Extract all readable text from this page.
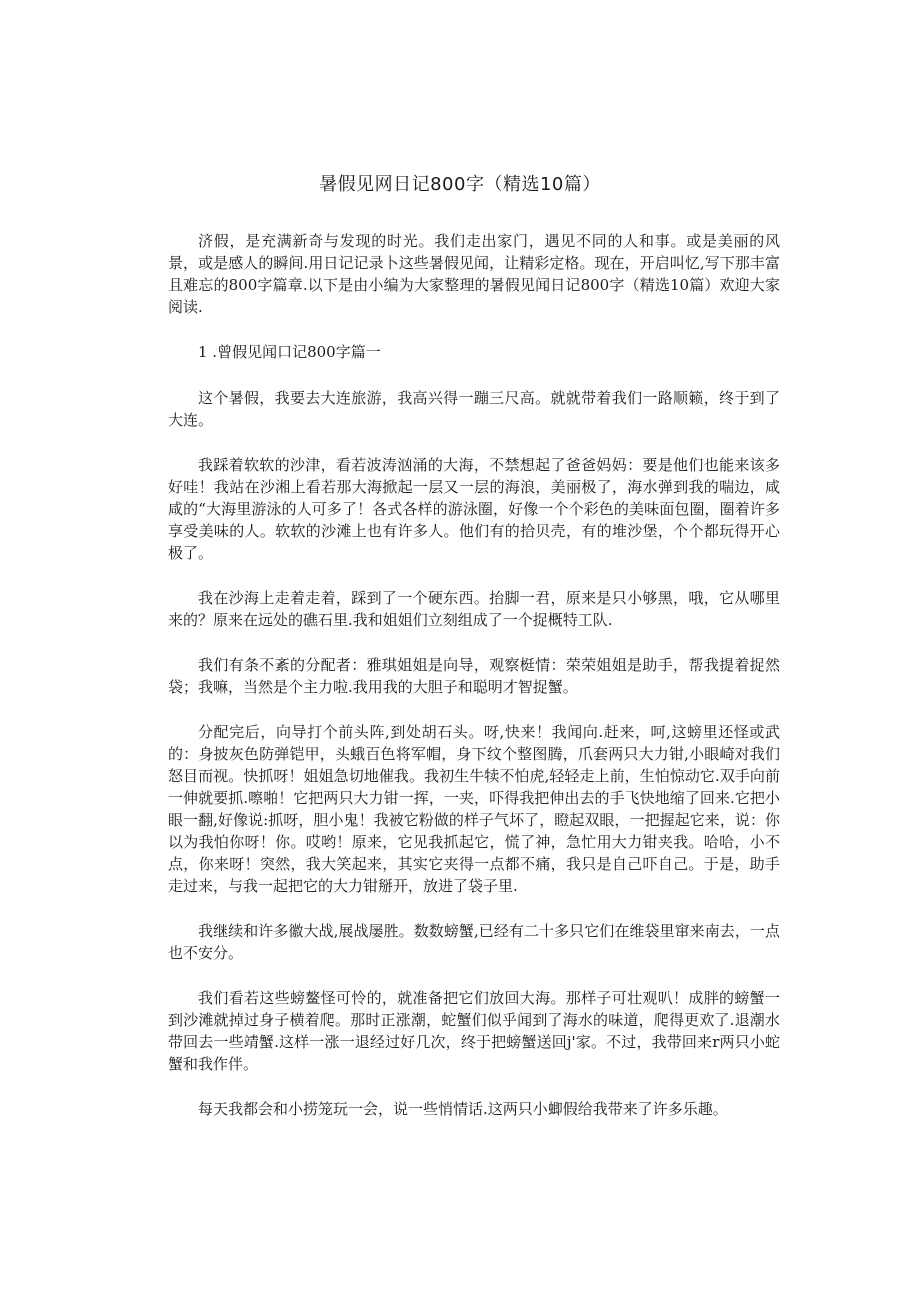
暑假见网日记800字（精选10篇）

济假，是充满新奇与发现的时光。我们走出家门，遇见不同的人和事。或是美丽的风景，或是感人的瞬间.用日记记录卜这些暑假见闻，让精彩定格。现在，开启叫忆,写下那丰富且难忘的800字篇章.以下是由小编为大家整理的暑假见闻日记800字（精选10篇）欢迎大家阅读.

1 .曾假见闻口记800字篇一

这个暑假，我要去大连旅游，我高兴得一蹦三尺高。就就带着我们一路顺籁，终于到了大连。

我踩着软软的沙津，看若波涛汹涌的大海，不禁想起了爸爸妈妈：要是他们也能来该多好哇！我站在沙湘上看若那大海掀起一层又一层的海浪，美丽极了，海水弹到我的喘边，咸咸的“大海里游泳的人可多了！各式各样的游泳圈，好像一个个彩色的美味面包圈，圈着许多享受美味的人。软软的沙滩上也有许多人。他们有的拾贝壳，有的堆沙堡，个个都玩得开心极了。

我在沙海上走着走着，踩到了一个硬东西。抬脚一君，原来是只小够黑，哦，它从哪里来的？原来在远处的礁石里.我和姐姐们立刻组成了一个捉概特工队.

我们有条不紊的分配者：雅琪姐姐是向导，观察梃情：荣荣姐姐是助手，帮我提着捉然袋；我嘛，当然是个主力啦.我用我的大胆子和聪明才智捉蟹。

分配完后，向导打个前头阵,到处胡石头。呀,快来！我闻向.赶来，呵,这螃里还怪或武的：身披灰色防弹铠甲，头蛾百色将军帽，身下纹个整图腾，爪套两只大力钳,小眼崎对我们怒目而视。快抓呀！姐姐急切地催我。我初生牛犊不怕虎,轻轻走上前，生怕惊动它.双手向前一伸就要抓.嚓啪！它把两只大力钳一挥，一夹，吓得我把伸出去的手飞快地缩了回来.它把小眼一翻,好像说:抓呀，胆小鬼！我被它粉做的样子气坏了，瞪起双眼，一把握起它来，说：你以为我怕你呀！你。哎哟！原来，它见我抓起它，慌了神，急忙用大力钳夹我。哈哈，小不点，你来呀！突然，我大笑起来，其实它夹得一点都不痛，我只是自己吓自己。于是，助手走过来，与我一起把它的大力钳掰开，放进了袋子里.

我继续和许多徽大战,展战屡胜。数数螃蟹,已经有二十多只它们在维袋里窜来南去，一点也不安分。

我们看若这些螃鳌怪可怜的，就准备把它们放回大海。那样子可壮观叭！成胖的螃蟹一到沙滩就掉过身子横着爬。那时正涨潮，蛇蟹们似乎闻到了海水的味道，爬得更欢了.退潮水带回去一些靖蟹.这样一涨一退经过好几次，终于把螃蟹送回j'家。不过，我带回来r两只小蛇蟹和我作伴。

每天我都会和小捞笼玩一会，说一些悄情话.这两只小蝍假给我带来了许多乐趣。
